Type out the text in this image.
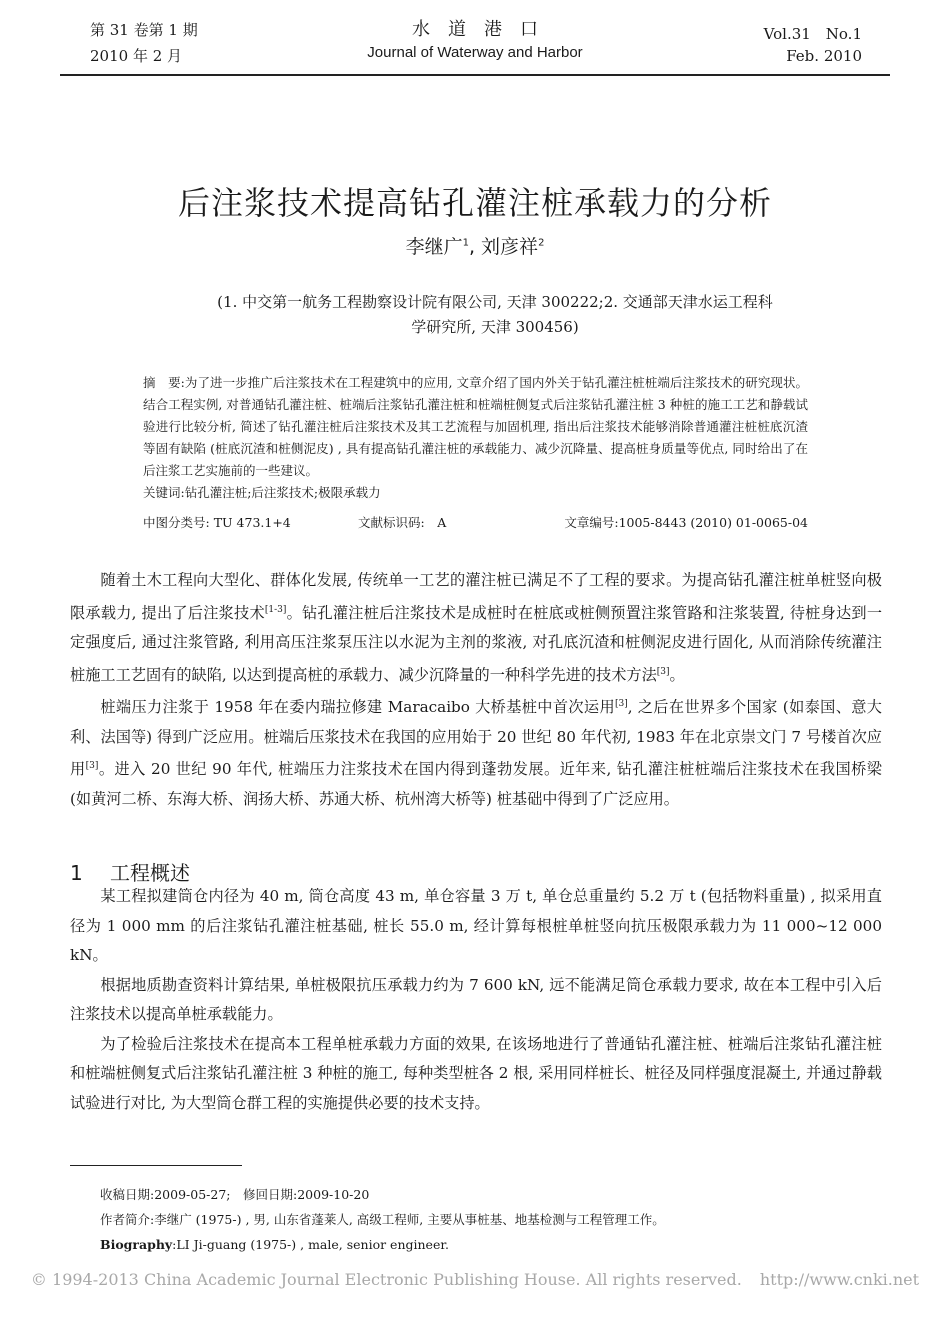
第 31 卷第 1 期
2010 年 2 月
水　道　港　口
Journal of Waterway and Harbor
Vol.31　No.1
Feb. 2010
后注浆技术提高钻孔灌注桩承载力的分析
李继广$^1$, 刘彦祥$^2$
(1. 中交第一航务工程勘察设计院有限公司, 天津 300222;2. 交通部天津水运工程科
学研究所, 天津 300456)
摘　要:为了进一步推广后注浆技术在工程建筑中的应用, 文章介绍了国内外关于钻孔灌注桩桩端后注浆技术的研究现状。结合工程实例, 对普通钻孔灌注桩、桩端后注浆钻孔灌注桩和桩端桩侧复式后注浆钻孔灌注桩 3 种桩的施工工艺和静载试验进行比较分析, 简述了钻孔灌注桩后注浆技术及其工艺流程与加固机理, 指出后注浆技术能够消除普通灌注桩桩底沉渣等固有缺陷 (桩底沉渣和桩侧泥皮) , 具有提高钻孔灌注桩的承载能力、减少沉降量、提高桩身质量等优点, 同时给出了在后注浆工艺实施前的一些建议。
关键词:钻孔灌注桩;后注浆技术;极限承载力
中图分类号: TU 473.1+4	文献标识码:　 A	文章编号:1005-8443 (2010) 01-0065-04

随着土木工程向大型化、群体化发展, 传统单一工艺的灌注桩已满足不了工程的要求。为提高钻孔灌注桩单桩竖向极限承载力, 提出了后注浆技术[1-3]。钻孔灌注桩后注浆技术是成桩时在桩底或桩侧预置注浆管路和注浆装置, 待桩身达到一定强度后, 通过注浆管路, 利用高压注浆泵压注以水泥为主剂的浆液, 对孔底沉渣和桩侧泥皮进行固化, 从而消除传统灌注桩施工工艺固有的缺陷, 以达到提高桩的承载力、减少沉降量的一种科学先进的技术方法[3]。

桩端压力注浆于 1958 年在委内瑞拉修建 Maracaibo 大桥基桩中首次运用[3], 之后在世界多个国家 (如泰国、意大利、法国等) 得到广泛应用。桩端后压浆技术在我国的应用始于 20 世纪 80 年代初, 1983 年在北京崇文门 7 号楼首次应用[3]。进入 20 世纪 90 年代, 桩端压力注浆技术在国内得到蓬勃发展。近年来, 钻孔灌注桩桩端后注浆技术在我国桥梁 (如黄河二桥、东海大桥、润扬大桥、苏通大桥、杭州湾大桥等) 桩基础中得到了广泛应用。

1 工程概述

某工程拟建筒仓内径为 40 m, 筒仓高度 43 m, 单仓容量 3 万 t, 单仓总重量约 5.2 万 t (包括物料重量) , 拟采用直径为 1 000 mm 的后注浆钻孔灌注桩基础, 桩长 55.0 m, 经计算每根桩单桩竖向抗压极限承载力为 11 000~12 000 kN。

根据地质勘查资料计算结果, 单桩极限抗压承载力约为 7 600 kN, 远不能满足筒仓承载力要求, 故在本工程中引入后注浆技术以提高单桩承载能力。

为了检验后注浆技术在提高本工程单桩承载力方面的效果, 在该场地进行了普通钻孔灌注桩、桩端后注浆钻孔灌注桩和桩端桩侧复式后注浆钻孔灌注桩 3 种桩的施工, 每种类型桩各 2 根, 采用同样桩长、桩径及同样强度混凝土, 并通过静载试验进行对比, 为大型筒仓群工程的实施提供必要的技术支持。

收稿日期:2009-05-27;　修回日期:2009-10-20
作者简介:李继广 (1975-) , 男, 山东省蓬莱人, 高级工程师, 主要从事桩基、地基检测与工程管理工作。
Biography:LI Ji-guang (1975-) , male, senior engineer.
© 1994-2013 China Academic Journal Electronic Publishing House. All rights reserved. http://www.cnki.net
